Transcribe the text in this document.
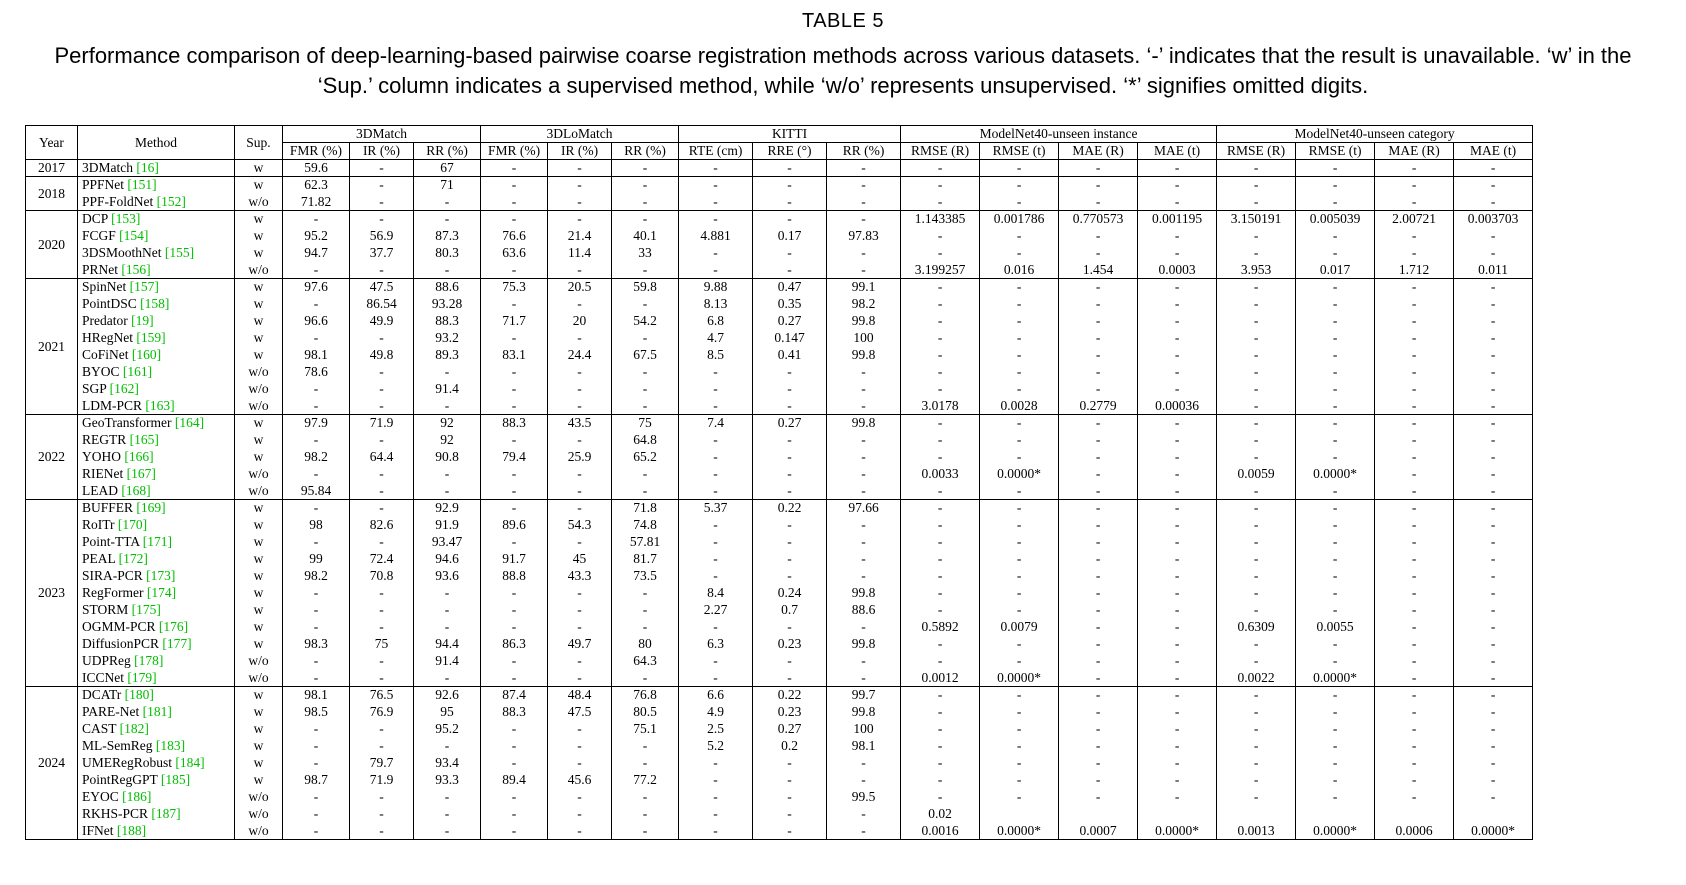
TABLE 5
Performance comparison of deep-learning-based pairwise coarse registration methods across various datasets. ‘-’ indicates that the result is unavailable. ‘w’ in the ‘Sup.’ column indicates a supervised method, while ‘w/o’ represents unsupervised. ‘*’ signifies omitted digits.
Year	Method	Sup.	3DMatch			3DLoMatch			KITTI			ModelNet40-unseen instance				ModelNet40-unseen category			
			FMR (%)	IR (%)	RR (%)	FMR (%)	IR (%)	RR (%)	RTE (cm)	RRE (°)	RR (%)	RMSE (R)	RMSE (t)	MAE (R)	MAE (t)	RMSE (R)	RMSE (t)	MAE (R)	MAE (t)
2017	3DMatch [16]	w	59.6	-	67	-	-	-	-	-	-	-	-	-	-	-	-	-	-
2018	PPFNet [151]	w	62.3	-	71	-	-	-	-	-	-	-	-	-	-	-	-	-	-
	PPF-FoldNet [152]	w/o	71.82	-	-	-	-	-	-	-	-	-	-	-	-	-	-	-	-
2020	DCP [153]	w	-	-	-	-	-	-	-	-	-	1.143385	0.001786	0.770573	0.001195	3.150191	0.005039	2.00721	0.003703
	FCGF [154]	w	95.2	56.9	87.3	76.6	21.4	40.1	4.881	0.17	97.83	-	-	-	-	-	-	-	-
	3DSMoothNet [155]	w	94.7	37.7	80.3	63.6	11.4	33	-	-	-	-	-	-	-	-	-	-	-
	PRNet [156]	w/o	-	-	-	-	-	-	-	-	-	3.199257	0.016	1.454	0.0003	3.953	0.017	1.712	0.011
2021	SpinNet [157]	w	97.6	47.5	88.6	75.3	20.5	59.8	9.88	0.47	99.1	-	-	-	-	-	-	-	-
	PointDSC [158]	w	-	86.54	93.28	-	-	-	8.13	0.35	98.2	-	-	-	-	-	-	-	-
	Predator [19]	w	96.6	49.9	88.3	71.7	20	54.2	6.8	0.27	99.8	-	-	-	-	-	-	-	-
	HRegNet [159]	w	-	-	93.2	-	-	-	4.7	0.147	100	-	-	-	-	-	-	-	-
	CoFiNet [160]	w	98.1	49.8	89.3	83.1	24.4	67.5	8.5	0.41	99.8	-	-	-	-	-	-	-	-
	BYOC [161]	w/o	78.6	-	-	-	-	-	-	-	-	-	-	-	-	-	-	-	-
	SGP [162]	w/o	-	-	91.4	-	-	-	-	-	-	-	-	-	-	-	-	-	-
	LDM-PCR [163]	w/o	-	-	-	-	-	-	-	-	-	3.0178	0.0028	0.2779	0.00036	-	-	-	-
2022	GeoTransformer [164]	w	97.9	71.9	92	88.3	43.5	75	7.4	0.27	99.8	-	-	-	-	-	-	-	-
	REGTR [165]	w	-	-	92	-	-	64.8	-	-	-	-	-	-	-	-	-	-	-
	YOHO [166]	w	98.2	64.4	90.8	79.4	25.9	65.2	-	-	-	-	-	-	-	-	-	-	-
	RIENet [167]	w/o	-	-	-	-	-	-	-	-	-	0.0033	0.0000*	-	-	0.0059	0.0000*	-	-
	LEAD [168]	w/o	95.84	-	-	-	-	-	-	-	-	-	-	-	-	-	-	-	-
2023	BUFFER [169]	w	-	-	92.9	-	-	71.8	5.37	0.22	97.66	-	-	-	-	-	-	-	-
	RoITr [170]	w	98	82.6	91.9	89.6	54.3	74.8	-	-	-	-	-	-	-	-	-	-	-
	Point-TTA [171]	w	-	-	93.47	-	-	57.81	-	-	-	-	-	-	-	-	-	-	-
	PEAL [172]	w	99	72.4	94.6	91.7	45	81.7	-	-	-	-	-	-	-	-	-	-	-
	SIRA-PCR [173]	w	98.2	70.8	93.6	88.8	43.3	73.5	-	-	-	-	-	-	-	-	-	-	-
	RegFormer [174]	w	-	-	-	-	-	-	8.4	0.24	99.8	-	-	-	-	-	-	-	-
	STORM [175]	w	-	-	-	-	-	-	2.27	0.7	88.6	-	-	-	-	-	-	-	-
	OGMM-PCR [176]	w	-	-	-	-	-	-	-	-	-	0.5892	0.0079	-	-	0.6309	0.0055	-	-
	DiffusionPCR [177]	w	98.3	75	94.4	86.3	49.7	80	6.3	0.23	99.8	-	-	-	-	-	-	-	-
	UDPReg [178]	w/o	-	-	91.4	-	-	64.3	-	-	-	-	-	-	-	-	-	-	-
	ICCNet [179]	w/o	-	-	-	-	-	-	-	-	-	0.0012	0.0000*	-	-	0.0022	0.0000*	-	-
2024	DCATr [180]	w	98.1	76.5	92.6	87.4	48.4	76.8	6.6	0.22	99.7	-	-	-	-	-	-	-	-
	PARE-Net [181]	w	98.5	76.9	95	88.3	47.5	80.5	4.9	0.23	99.8	-	-	-	-	-	-	-	-
	CAST [182]	w	-	-	95.2	-	-	75.1	2.5	0.27	100	-	-	-	-	-	-	-	-
	ML-SemReg [183]	w	-	-	-	-	-	-	5.2	0.2	98.1	-	-	-	-	-	-	-	-
	UMERegRobust [184]	w	-	79.7	93.4	-	-	-	-	-	-	-	-	-	-	-	-	-	-
	PointRegGPT [185]	w	98.7	71.9	93.3	89.4	45.6	77.2	-	-	-	-	-	-	-	-	-	-	-
	EYOC [186]	w/o	-	-	-	-	-	-	-	-	99.5	-	-	-	-	-	-	-	-
	RKHS-PCR [187]	w/o	-	-	-	-	-	-	-	-	-	0.02							
	IFNet [188]	w/o	-	-	-	-	-	-	-	-	-	0.0016	0.0000*	0.0007	0.0000*	0.0013	0.0000*	0.0006	0.0000*
